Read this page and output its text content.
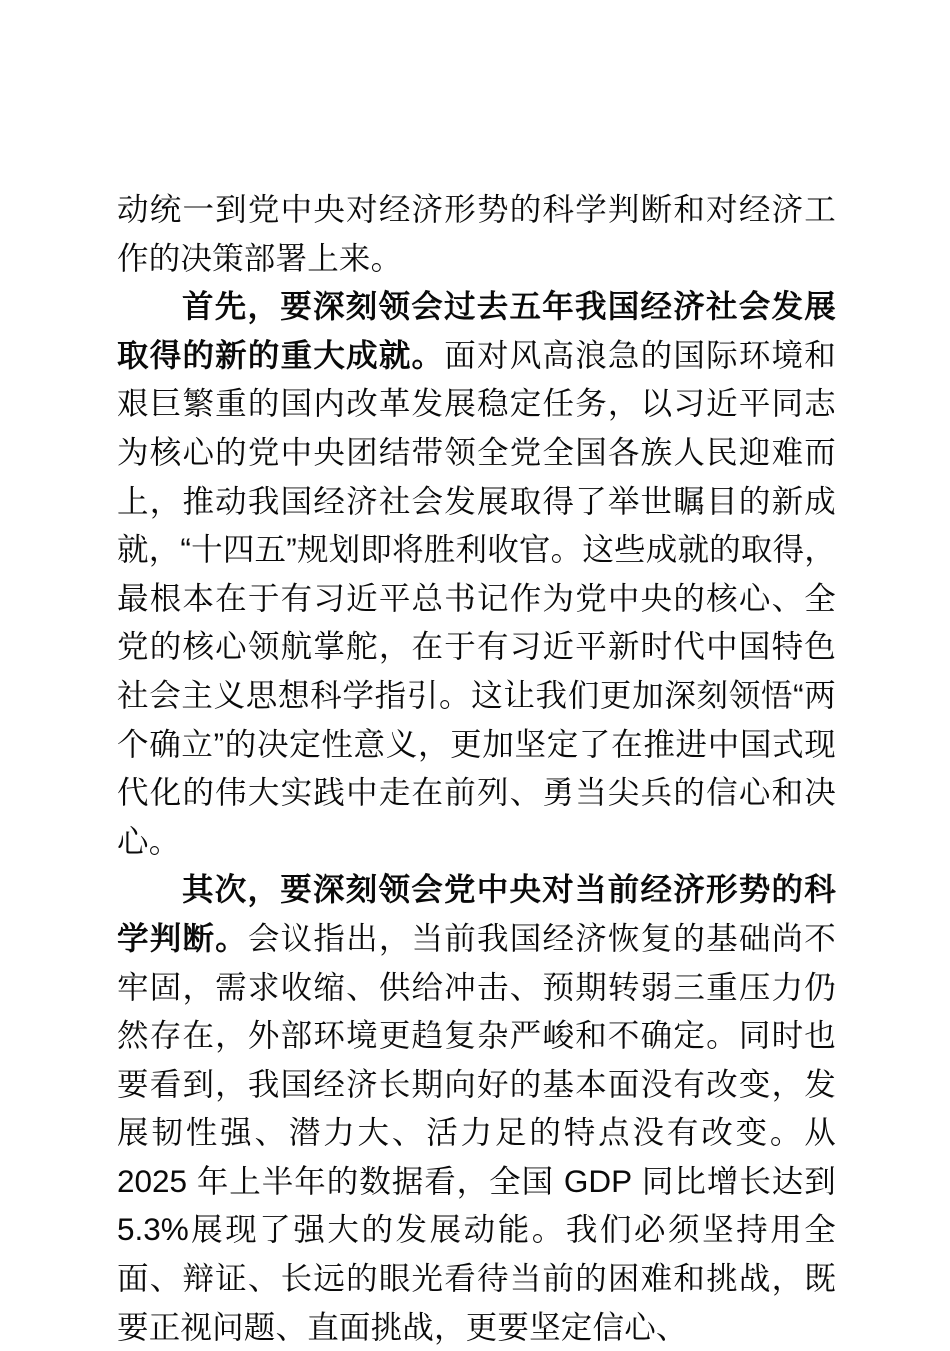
动统一到党中央对经济形势的科学判断和对经济工作的决策部署上来。

首先，要深刻领会过去五年我国经济社会发展取得的新的重大成就。面对风高浪急的国际环境和艰巨繁重的国内改革发展稳定任务，以习近平同志为核心的党中央团结带领全党全国各族人民迎难而上，推动我国经济社会发展取得了举世瞩目的新成就，“十四五”规划即将胜利收官。这些成就的取得，最根本在于有习近平总书记作为党中央的核心、全党的核心领航掌舵，在于有习近平新时代中国特色社会主义思想科学指引。这让我们更加深刻领悟“两个确立”的决定性意义，更加坚定了在推进中国式现代化的伟大实践中走在前列、勇当尖兵的信心和决心。

其次，要深刻领会党中央对当前经济形势的科学判断。会议指出，当前我国经济恢复的基础尚不牢固，需求收缩、供给冲击、预期转弱三重压力仍然存在，外部环境更趋复杂严峻和不确定。同时也要看到，我国经济长期向好的基本面没有改变，发展韧性强、潜力大、活力足的特点没有改变。从 2025 年上半年的数据看，全国 GDP 同比增长达到 5.3%展现了强大的发展动能。我们必须坚持用全面、辩证、长远的眼光看待当前的困难和挑战，既要正视问题、直面挑战，更要坚定信心、
